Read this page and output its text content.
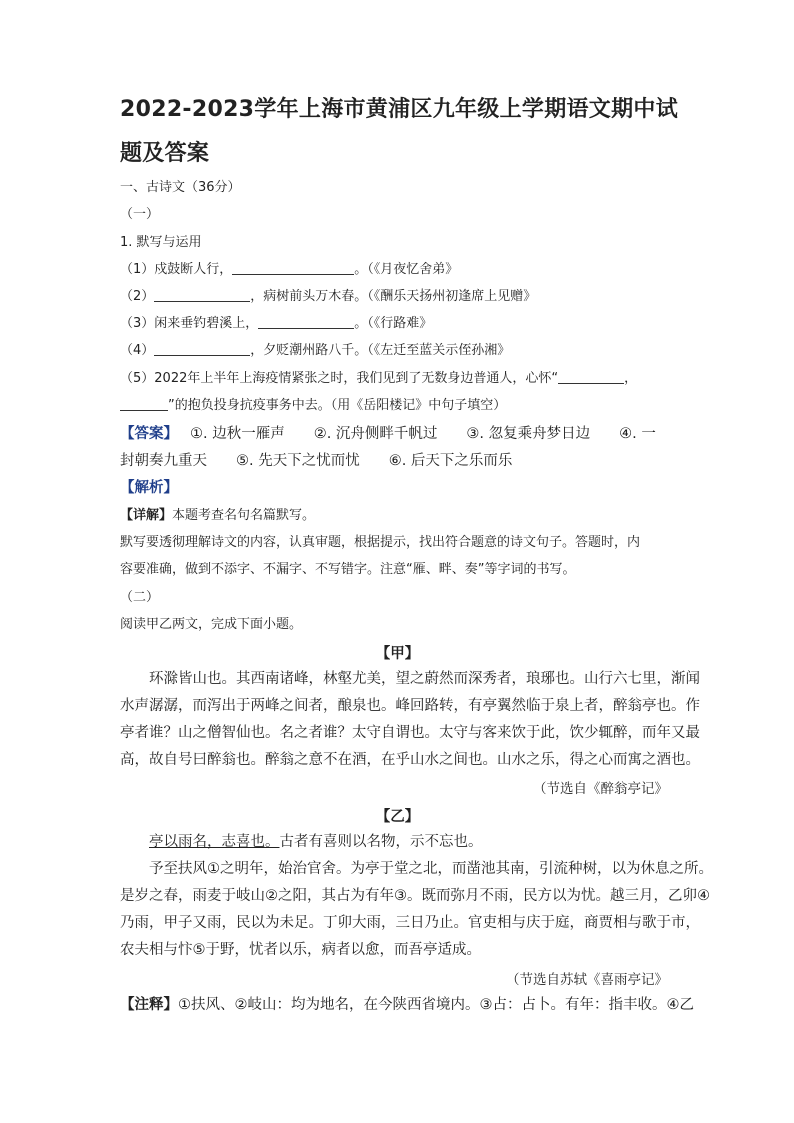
2022-2023学年上海市黄浦区九年级上学期语文期中试题及答案
一、古诗文（36分）
（一）
1. 默写与运用
（1）戍鼓断人行，	。（《月夜忆舍弟》
（2）	，病树前头万木春。（《酬乐天扬州初逢席上见赠》
（3）闲来垂钓碧溪上，	。（《行路难》
（4）	，夕贬潮州路八千。（《左迁至蓝关示侄孙湘》
（5）2022年上半年上海疫情紧张之时，我们见到了无数身边普通人，心怀“	，
”的抱负投身抗疫事务中去。（用《岳阳楼记》中句子填空）
【答案】 ①. 边秋一雁声　　②. 沉舟侧畔千帆过　　③. 忽复乘舟梦日边　　④. 一
封朝奏九重天　　⑤. 先天下之忧而忧　　⑥. 后天下之乐而乐
【解析】
【详解】本题考查名句名篇默写。
默写要透彻理解诗文的内容，认真审题，根据提示，找出符合题意的诗文句子。答题时，内
容要准确，做到不添字、不漏字、不写错字。注意“雁、畔、奏”等字词的书写。
（二）
阅读甲乙两文，完成下面小题。
【甲】
　　环滁皆山也。其西南诸峰，林壑尤美，望之蔚然而深秀者，琅琊也。山行六七里，渐闻
水声潺潺，而泻出于两峰之间者，酿泉也。峰回路转，有亭翼然临于泉上者，醉翁亭也。作
亭者谁？山之僧智仙也。名之者谁？太守自谓也。太守与客来饮于此，饮少辄醉，而年又最
高，故自号曰醉翁也。醉翁之意不在酒，在乎山水之间也。山水之乐，得之心而寓之酒也。
（节选自《醉翁亭记》
【乙】
　　亭以雨名，志喜也。古者有喜则以名物，示不忘也。
　　予至扶风①之明年，始治官舍。为亭于堂之北，而凿池其南，引流种树，以为休息之所。
是岁之春，雨麦于岐山②之阳，其占为有年③。既而弥月不雨，民方以为忧。越三月，乙卯④
乃雨，甲子又雨，民以为未足。丁卯大雨，三日乃止。官吏相与庆于庭，商贾相与歌于市，
农夫相与忭⑤于野，忧者以乐，病者以愈，而吾亭适成。
（节选自苏轼《喜雨亭记》
【注释】①扶风、②岐山：均为地名，在今陕西省境内。③占：占卜。有年：指丰收。④乙
